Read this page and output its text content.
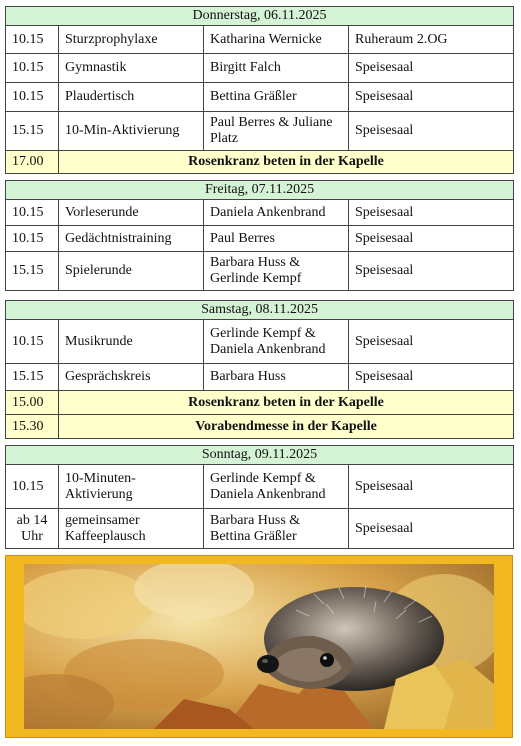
Donnerstag, 06.11.2025			
10.15	Sturzprophylaxe	Katharina Wernicke	Ruheraum 2.OG
10.15	Gymnastik	Birgitt Falch	Speisesaal
10.15	Plaudertisch	Bettina Gräßler	Speisesaal
15.15	10-Min-Aktivierung	Paul Berres & Juliane Platz	Speisesaal
17.00	Rosenkranz beten in der Kapelle		
Freitag, 07.11.2025			
10.15	Vorleserunde	Daniela Ankenbrand	Speisesaal
10.15	Gedächtnistraining	Paul Berres	Speisesaal
15.15	Spielerunde	Barbara Huss & Gerlinde Kempf	Speisesaal
Samstag, 08.11.2025			
10.15	Musikrunde	Gerlinde Kempf & Daniela Ankenbrand	Speisesaal
15.15	Gesprächskreis	Barbara Huss	Speisesaal
15.00	Rosenkranz beten in der Kapelle		
15.30	Vorabendmesse in der Kapelle		
Sonntag, 09.11.2025			
10.15	10-Minuten-Aktivierung	Gerlinde Kempf & Daniela Ankenbrand	Speisesaal
ab 14 Uhr	gemeinsamer Kaffeeplausch	Barbara Huss & Bettina Gräßler	Speisesaal
